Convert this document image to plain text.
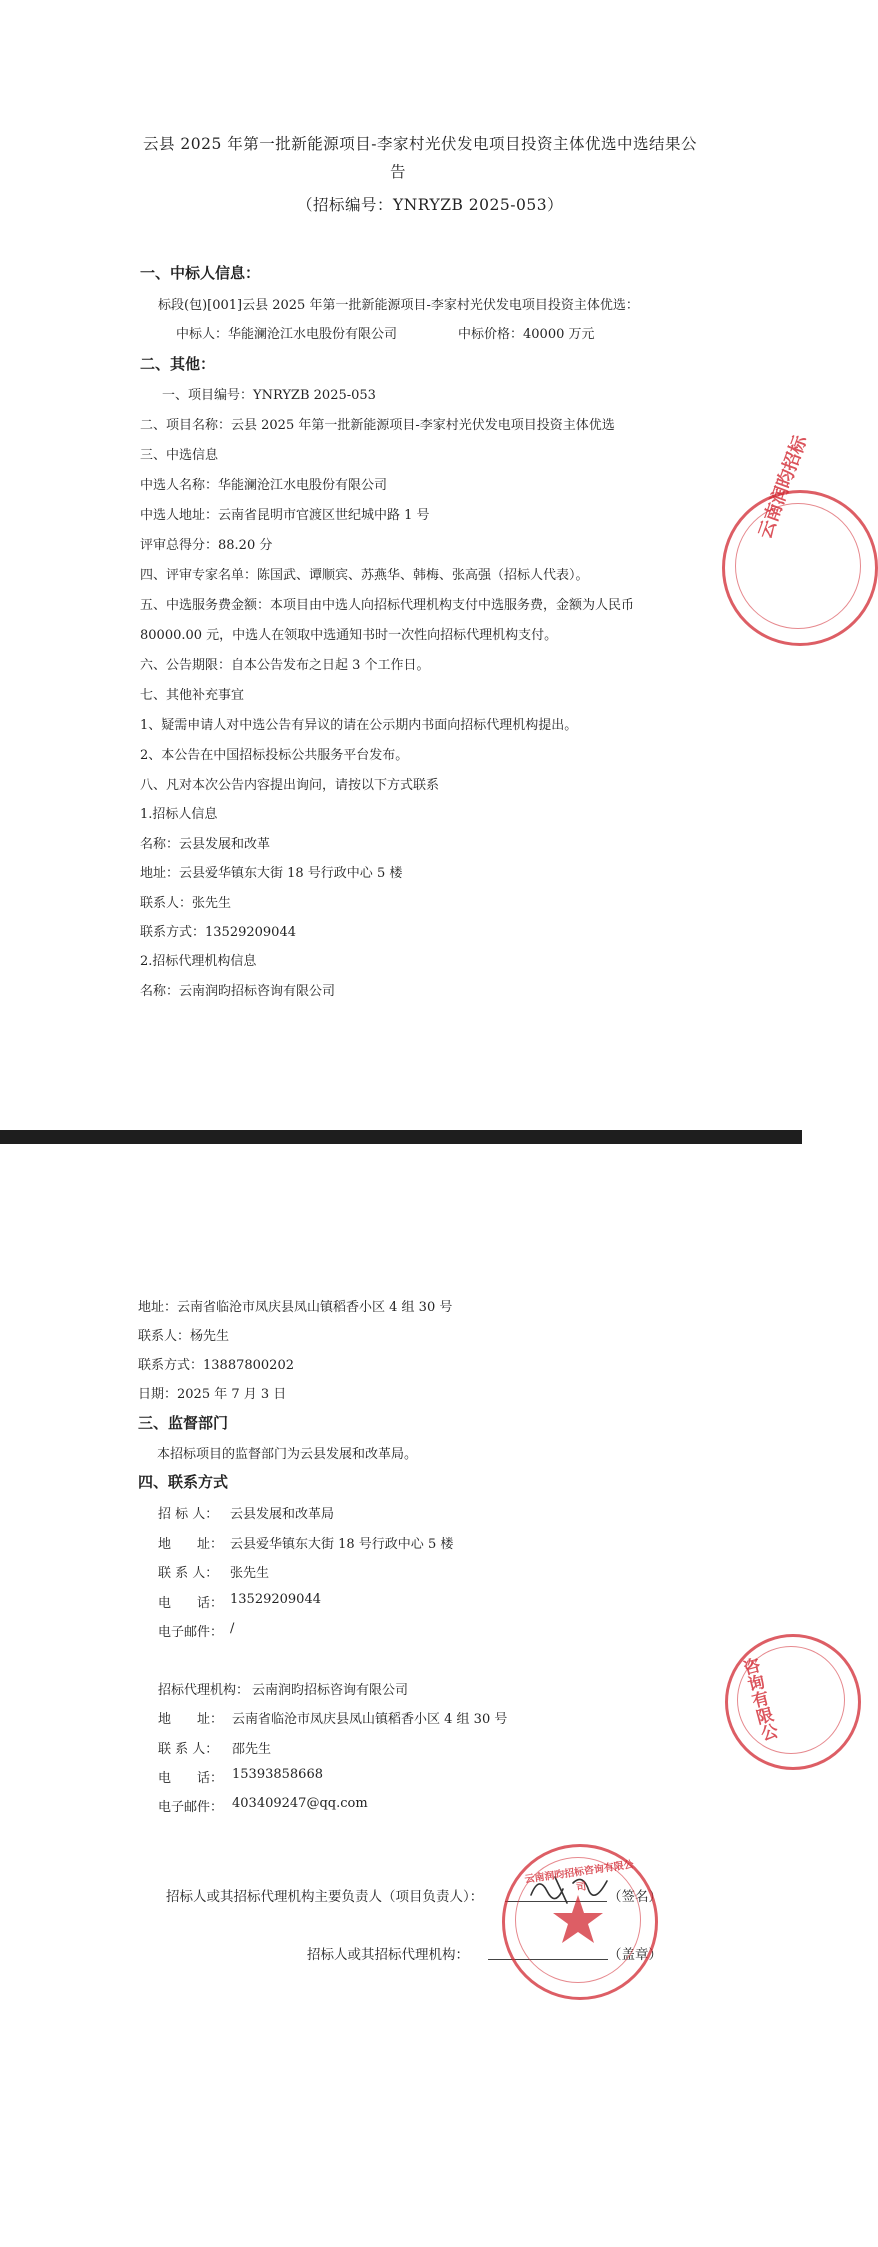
云县 2025 年第一批新能源项目-李家村光伏发电项目投资主体优选中选结果公
告
（招标编号：YNRYZB 2025-053）
一、中标人信息：
标段(包)[001]云县 2025 年第一批新能源项目-李家村光伏发电项目投资主体优选：
中标人：华能澜沧江水电股份有限公司	中标价格：40000 万元
二、其他：
一、项目编号：YNRYZB 2025-053
二、项目名称：云县 2025 年第一批新能源项目-李家村光伏发电项目投资主体优选
三、中选信息
中选人名称：华能澜沧江水电股份有限公司
中选人地址：云南省昆明市官渡区世纪城中路 1 号
评审总得分：88.20 分
四、评审专家名单：陈国武、谭顺宾、苏燕华、韩梅、张高强（招标人代表）。
五、中选服务费金额：本项目由中选人向招标代理机构支付中选服务费，金额为人民币
80000.00 元，中选人在领取中选通知书时一次性向招标代理机构支付。
六、公告期限：自本公告发布之日起 3 个工作日。
七、其他补充事宜
1、疑需申请人对中选公告有异议的请在公示期内书面向招标代理机构提出。
2、本公告在中国招标投标公共服务平台发布。
八、凡对本次公告内容提出询问，请按以下方式联系
1.招标人信息
名称：云县发展和改革
地址：云县爱华镇东大街 18 号行政中心 5 楼
联系人：张先生
联系方式：13529209044
2.招标代理机构信息
名称：云南润昀招标咨询有限公司
云南润昀招标
地址：云南省临沧市凤庆县凤山镇稻香小区 4 组 30 号
联系人：杨先生
联系方式：13887800202
日期：2025 年 7 月 3 日
三、监督部门
本招标项目的监督部门为云县发展和改革局。
四、联系方式
招 标 人： 云县发展和改革局
地　　址： 云县爱华镇东大街 18 号行政中心 5 楼
联 系 人： 张先生
电　　话： 13529209044
电子邮件： /
招标代理机构： 云南润昀招标咨询有限公司
地　　址： 云南省临沧市凤庆县凤山镇稻香小区 4 组 30 号
联 系 人： 邵先生
电　　话： 15393858668
电子邮件： 403409247@qq.com
招标人或其招标代理机构主要负责人（项目负责人）：	（签名）
招标人或其招标代理机构：	（盖章）
咨询有限公
云南润昀招标咨询有限公司
